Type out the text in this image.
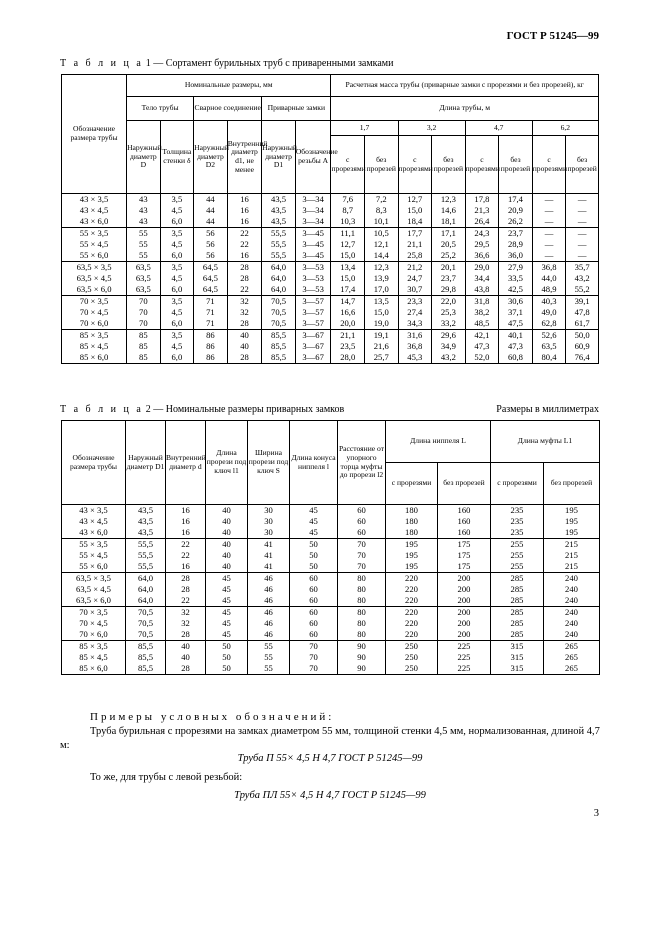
ГОСТ Р 51245—99
Т а б л и ц а 1 — Сортамент бурильных труб с приваренными замками
Обозначение размера трубы	Номинальные размеры, мм						Расчетная масса трубы (приварные замки с прорезями и без прорезей), кг							
	Тело трубы		Сварное соединение		Приварные замки		Длина трубы, м							
	Наружный диаметр D	Толщина стенки δ	Наружный диаметр D2	Внутренний диаметр d1, не менее	Наружный диаметр D1	Обозначение резьбы A	1,7		3,2		4,7		6,2	
							с прорезями	без прорезей	с прорезями	без прорезей	с прорезями	без прорезей	с прорезями	без прорезей
43 × 3,5	43	3,5	44	16	43,5	3—34	7,6	7,2	12,7	12,3	17,8	17,4	—	—
43 × 4,5	43	4,5	44	16	43,5	3—34	8,7	8,3	15,0	14,6	21,3	20,9	—	—
43 × 6,0	43	6,0	44	16	43,5	3—34	10,3	10,1	18,4	18,1	26,4	26,2	—	—
55 × 3,5	55	3,5	56	22	55,5	3—45	11,1	10,5	17,7	17,1	24,3	23,7	—	—
55 × 4,5	55	4,5	56	22	55,5	3—45	12,7	12,1	21,1	20,5	29,5	28,9	—	—
55 × 6,0	55	6,0	56	16	55,5	3—45	15,0	14,4	25,8	25,2	36,6	36,0	—	—
63,5 × 3,5	63,5	3,5	64,5	28	64,0	3—53	13,4	12,3	21,2	20,1	29,0	27,9	36,8	35,7
63,5 × 4,5	63,5	4,5	64,5	28	64,0	3—53	15,0	13,9	24,7	23,7	34,4	33,5	44,0	43,2
63,5 × 6,0	63,5	6,0	64,5	22	64,0	3—53	17,4	17,0	30,7	29,8	43,8	42,5	48,9	55,2
70 × 3,5	70	3,5	71	32	70,5	3—57	14,7	13,5	23,3	22,0	31,8	30,6	40,3	39,1
70 × 4,5	70	4,5	71	32	70,5	3—57	16,6	15,0	27,4	25,3	38,2	37,1	49,0	47,8
70 × 6,0	70	6,0	71	28	70,5	3—57	20,0	19,0	34,3	33,2	48,5	47,5	62,8	61,7
85 × 3,5	85	3,5	86	40	85,5	3—67	21,1	19,1	31,6	29,6	42,1	40,1	52,6	50,0
85 × 4,5	85	4,5	86	40	85,5	3—67	23,5	21,6	36,8	34,9	47,3	47,3	63,5	60,9
85 × 6,0	85	6,0	86	28	85,5	3—67	28,0	25,7	45,3	43,2	52,0	60,8	80,4	76,4
Т а б л и ц а 2 — Номинальные размеры приварных замков	Размеры в миллиметрах
Обозначение размера трубы	Наружный диаметр D1	Внутренний диаметр d	Длина прорези под ключ l1	Ширина прорези под ключ S	Длина конуса ниппеля l	Расстояние от упорного торца муфты до прорези l2	Длина ниппеля L		Длина муфты L1	
							с прорезями	без прорезей	с прорезями	без прорезей
43 × 3,5	43,5	16	40	30	45	60	180	160	235	195
43 × 4,5	43,5	16	40	30	45	60	180	160	235	195
43 × 6,0	43,5	16	40	30	45	60	180	160	235	195
55 × 3,5	55,5	22	40	41	50	70	195	175	255	215
55 × 4,5	55,5	22	40	41	50	70	195	175	255	215
55 × 6,0	55,5	16	40	41	50	70	195	175	255	215
63,5 × 3,5	64,0	28	45	46	60	80	220	200	285	240
63,5 × 4,5	64,0	28	45	46	60	80	220	200	285	240
63,5 × 6,0	64,0	22	45	46	60	80	220	200	285	240
70 × 3,5	70,5	32	45	46	60	80	220	200	285	240
70 × 4,5	70,5	32	45	46	60	80	220	200	285	240
70 × 6,0	70,5	28	45	46	60	80	220	200	285	240
85 × 3,5	85,5	40	50	55	70	90	250	225	315	265
85 × 4,5	85,5	40	50	55	70	90	250	225	315	265
85 × 6,0	85,5	28	50	55	70	90	250	225	315	265
Примеры условных обозначений:
Труба бурильная с прорезями на замках диаметром 55 мм, толщиной стенки 4,5 мм, нормализованная, длиной 4,7 м:
Труба П 55× 4,5 Н 4,7 ГОСТ Р 51245—99
То же, для трубы с левой резьбой:
Труба ПЛ 55× 4,5 Н 4,7 ГОСТ Р 51245—99
3
